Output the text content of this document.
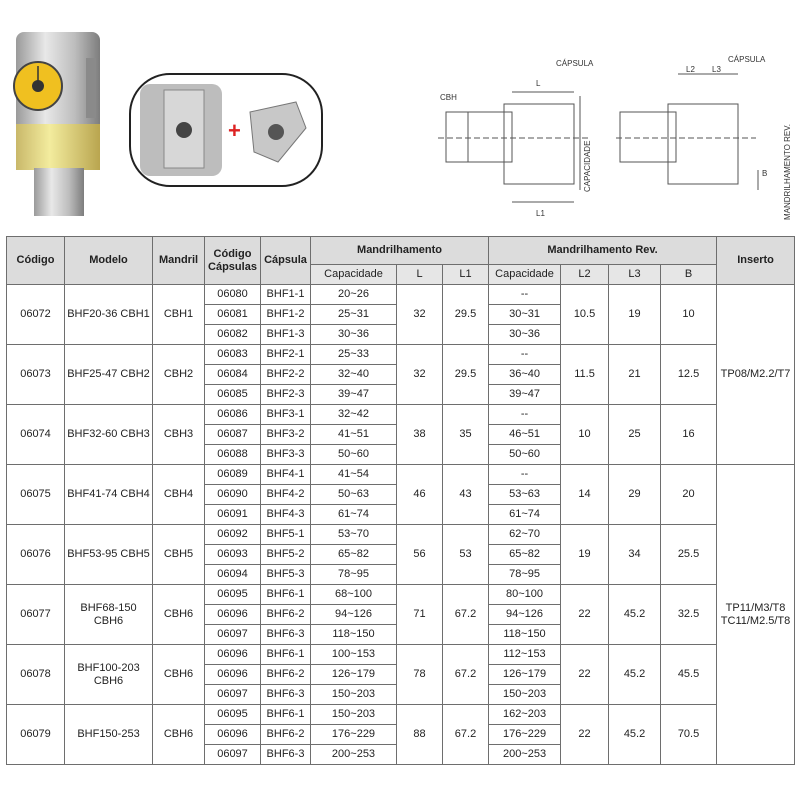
+
CBH
CÁPSULA
L
L1
CAPACIDADE
CÁPSULA
L2 L3
B MANDRILHAMENTO REV.
Código	Modelo	Mandril	Código Cápsulas	Cápsula	Mandrilhamento			Mandrilhamento Rev.				Inserto
					Capacidade	L	L1	Capacidade	L2	L3	B	
06072	BHF20-36 CBH1	CBH1	06080	BHF1-1	20~26	32	29.5	--	10.5	19	10	TP08/M2.2/T7
			06081	BHF1-2	25~31			30~31				
			06082	BHF1-3	30~36			30~36				
06073	BHF25-47 CBH2	CBH2	06083	BHF2-1	25~33	32	29.5	--	11.5	21	12.5	
			06084	BHF2-2	32~40			36~40				
			06085	BHF2-3	39~47			39~47				
06074	BHF32-60 CBH3	CBH3	06086	BHF3-1	32~42	38	35	--	10	25	16	
			06087	BHF3-2	41~51			46~51				
			06088	BHF3-3	50~60			50~60				
06075	BHF41-74 CBH4	CBH4	06089	BHF4-1	41~54	46	43	--	14	29	20	TP11/M3/T8
TC11/M2.5/T8
			06090	BHF4-2	50~63			53~63				
			06091	BHF4-3	61~74			61~74				
06076	BHF53-95 CBH5	CBH5	06092	BHF5-1	53~70	56	53	62~70	19	34	25.5	
			06093	BHF5-2	65~82			65~82				
			06094	BHF5-3	78~95			78~95				
06077	BHF68-150 CBH6	CBH6	06095	BHF6-1	68~100	71	67.2	80~100	22	45.2	32.5	
			06096	BHF6-2	94~126			94~126				
			06097	BHF6-3	118~150			118~150				
06078	BHF100-203 CBH6	CBH6	06096	BHF6-1	100~153	78	67.2	112~153	22	45.2	45.5	
			06096	BHF6-2	126~179			126~179				
			06097	BHF6-3	150~203			150~203				
06079	BHF150-253	CBH6	06095	BHF6-1	150~203	88	67.2	162~203	22	45.2	70.5	
			06096	BHF6-2	176~229			176~229				
			06097	BHF6-3	200~253			200~253				
